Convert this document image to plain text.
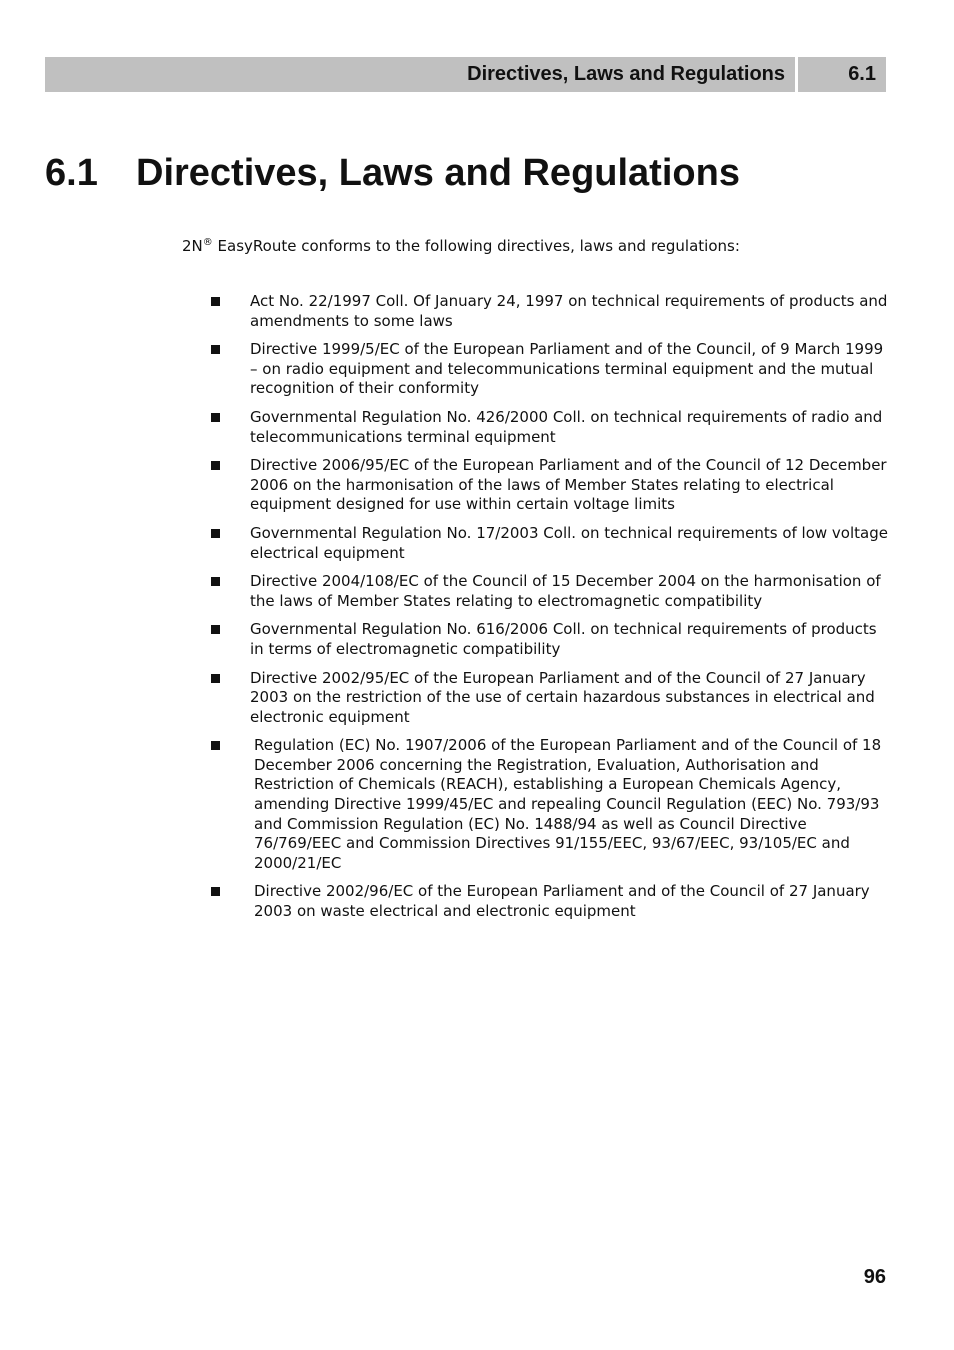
Directives, Laws and Regulations	6.1
6.1 Directives, Laws and Regulations

2N® EasyRoute conforms to the following directives, laws and regulations:

Act No. 22/1997 Coll. Of January 24, 1997 on technical requirements of products and amendments to some laws
Directive 1999/5/EC of the European Parliament and of the Council, of 9 March 1999 – on radio equipment and telecommunications terminal equipment and the mutual recognition of their conformity
Governmental Regulation No. 426/2000 Coll. on technical requirements of radio and telecommunications terminal equipment
Directive 2006/95/EC of the European Parliament and of the Council of 12 December 2006 on the harmonisation of the laws of Member States relating to electrical equipment designed for use within certain voltage limits
Governmental Regulation No. 17/2003 Coll. on technical requirements of low voltage electrical equipment
Directive 2004/108/EC of the Council of 15 December 2004 on the harmonisation of the laws of Member States relating to electromagnetic compatibility
Governmental Regulation No. 616/2006 Coll. on technical requirements of products in terms of electromagnetic compatibility
Directive 2002/95/EC of the European Parliament and of the Council of 27 January 2003 on the restriction of the use of certain hazardous substances in electrical and electronic equipment
Regulation (EC) No. 1907/2006 of the European Parliament and of the Council of 18 December 2006 concerning the Registration, Evaluation, Authorisation and Restriction of Chemicals (REACH), establishing a European Chemicals Agency, amending Directive 1999/45/EC and repealing Council Regulation (EEC) No. 793/93 and Commission Regulation (EC) No. 1488/94 as well as Council Directive 76/769/EEC and Commission Directives 91/155/EEC, 93/67/EEC, 93/105/EC and 2000/21/EC
Directive 2002/96/EC of the European Parliament and of the Council of 27 January 2003 on waste electrical and electronic equipment
96
